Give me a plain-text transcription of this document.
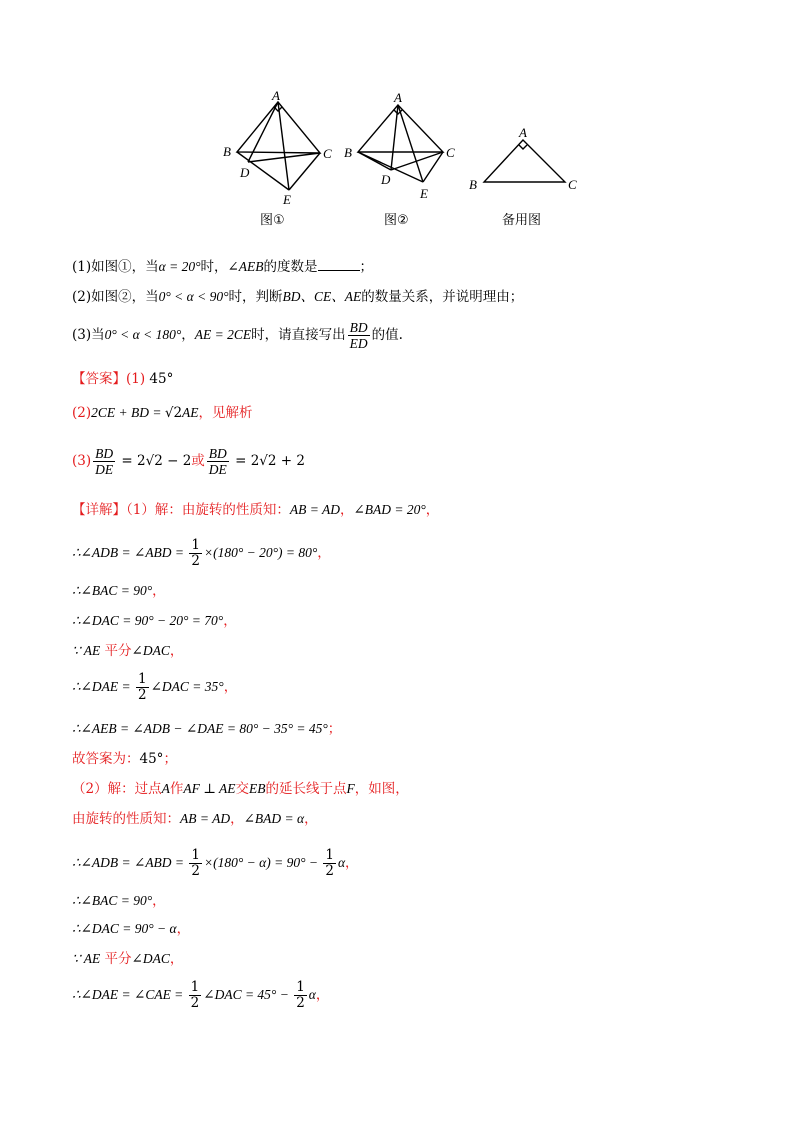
A
B	C
D
E
图①
A
B	C
D
E
图②
A
B	C
备用图
(1)如图①，当α = 20°时，∠AEB的度数是	；
(2)如图②，当0° < α < 90°时，判断BD、CE、AE的数量关系，并说明理由；
(3)当0° < α < 180°，AE = 2CE时，请直接写出 $\frac{BD}{ED}$ 的值.
【答案】(1) 45°
(2)2CE + BD = √2AE，见解析
$(3) \frac{BD}{DE} = 2√2 - 2$或 $\frac{BD}{DE} = 2√2 + 2$
【详解】（1）解：由旋转的性质知：AB = AD，∠BAD = 20°，
∴∠ADB = ∠ABD = $\frac{1}{2} \times(180^\circ - 20^\circ) = 80^\circ$，
∴∠BAC = 90°，
∴∠DAC = 90° − 20° = 70°，
∵ AE 平分∠DAC，
∴∠DAE = $\frac{1}{2}$ ∠DAC = 35°，
∴∠AEB = ∠ADB − ∠DAE = 80° − 35° = 45°；
故答案为：45°；
（2）解：过点A作AF ⊥ AE交EB的延长线于点F，如图，
由旋转的性质知：AB = AD，∠BAD = α，
∴∠ADB = ∠ABD = $\frac{1}{2} \times(180^\circ - \alpha) = 90^\circ - \frac{1}{2}$ α，
∴∠BAC = 90°，
∴∠DAC = 90° − α，
∵ AE 平分∠DAC，
∴∠DAE = ∠CAE = $\frac{1}{2}$ ∠DAC = $45^\circ - \frac{1}{2}$ α，
